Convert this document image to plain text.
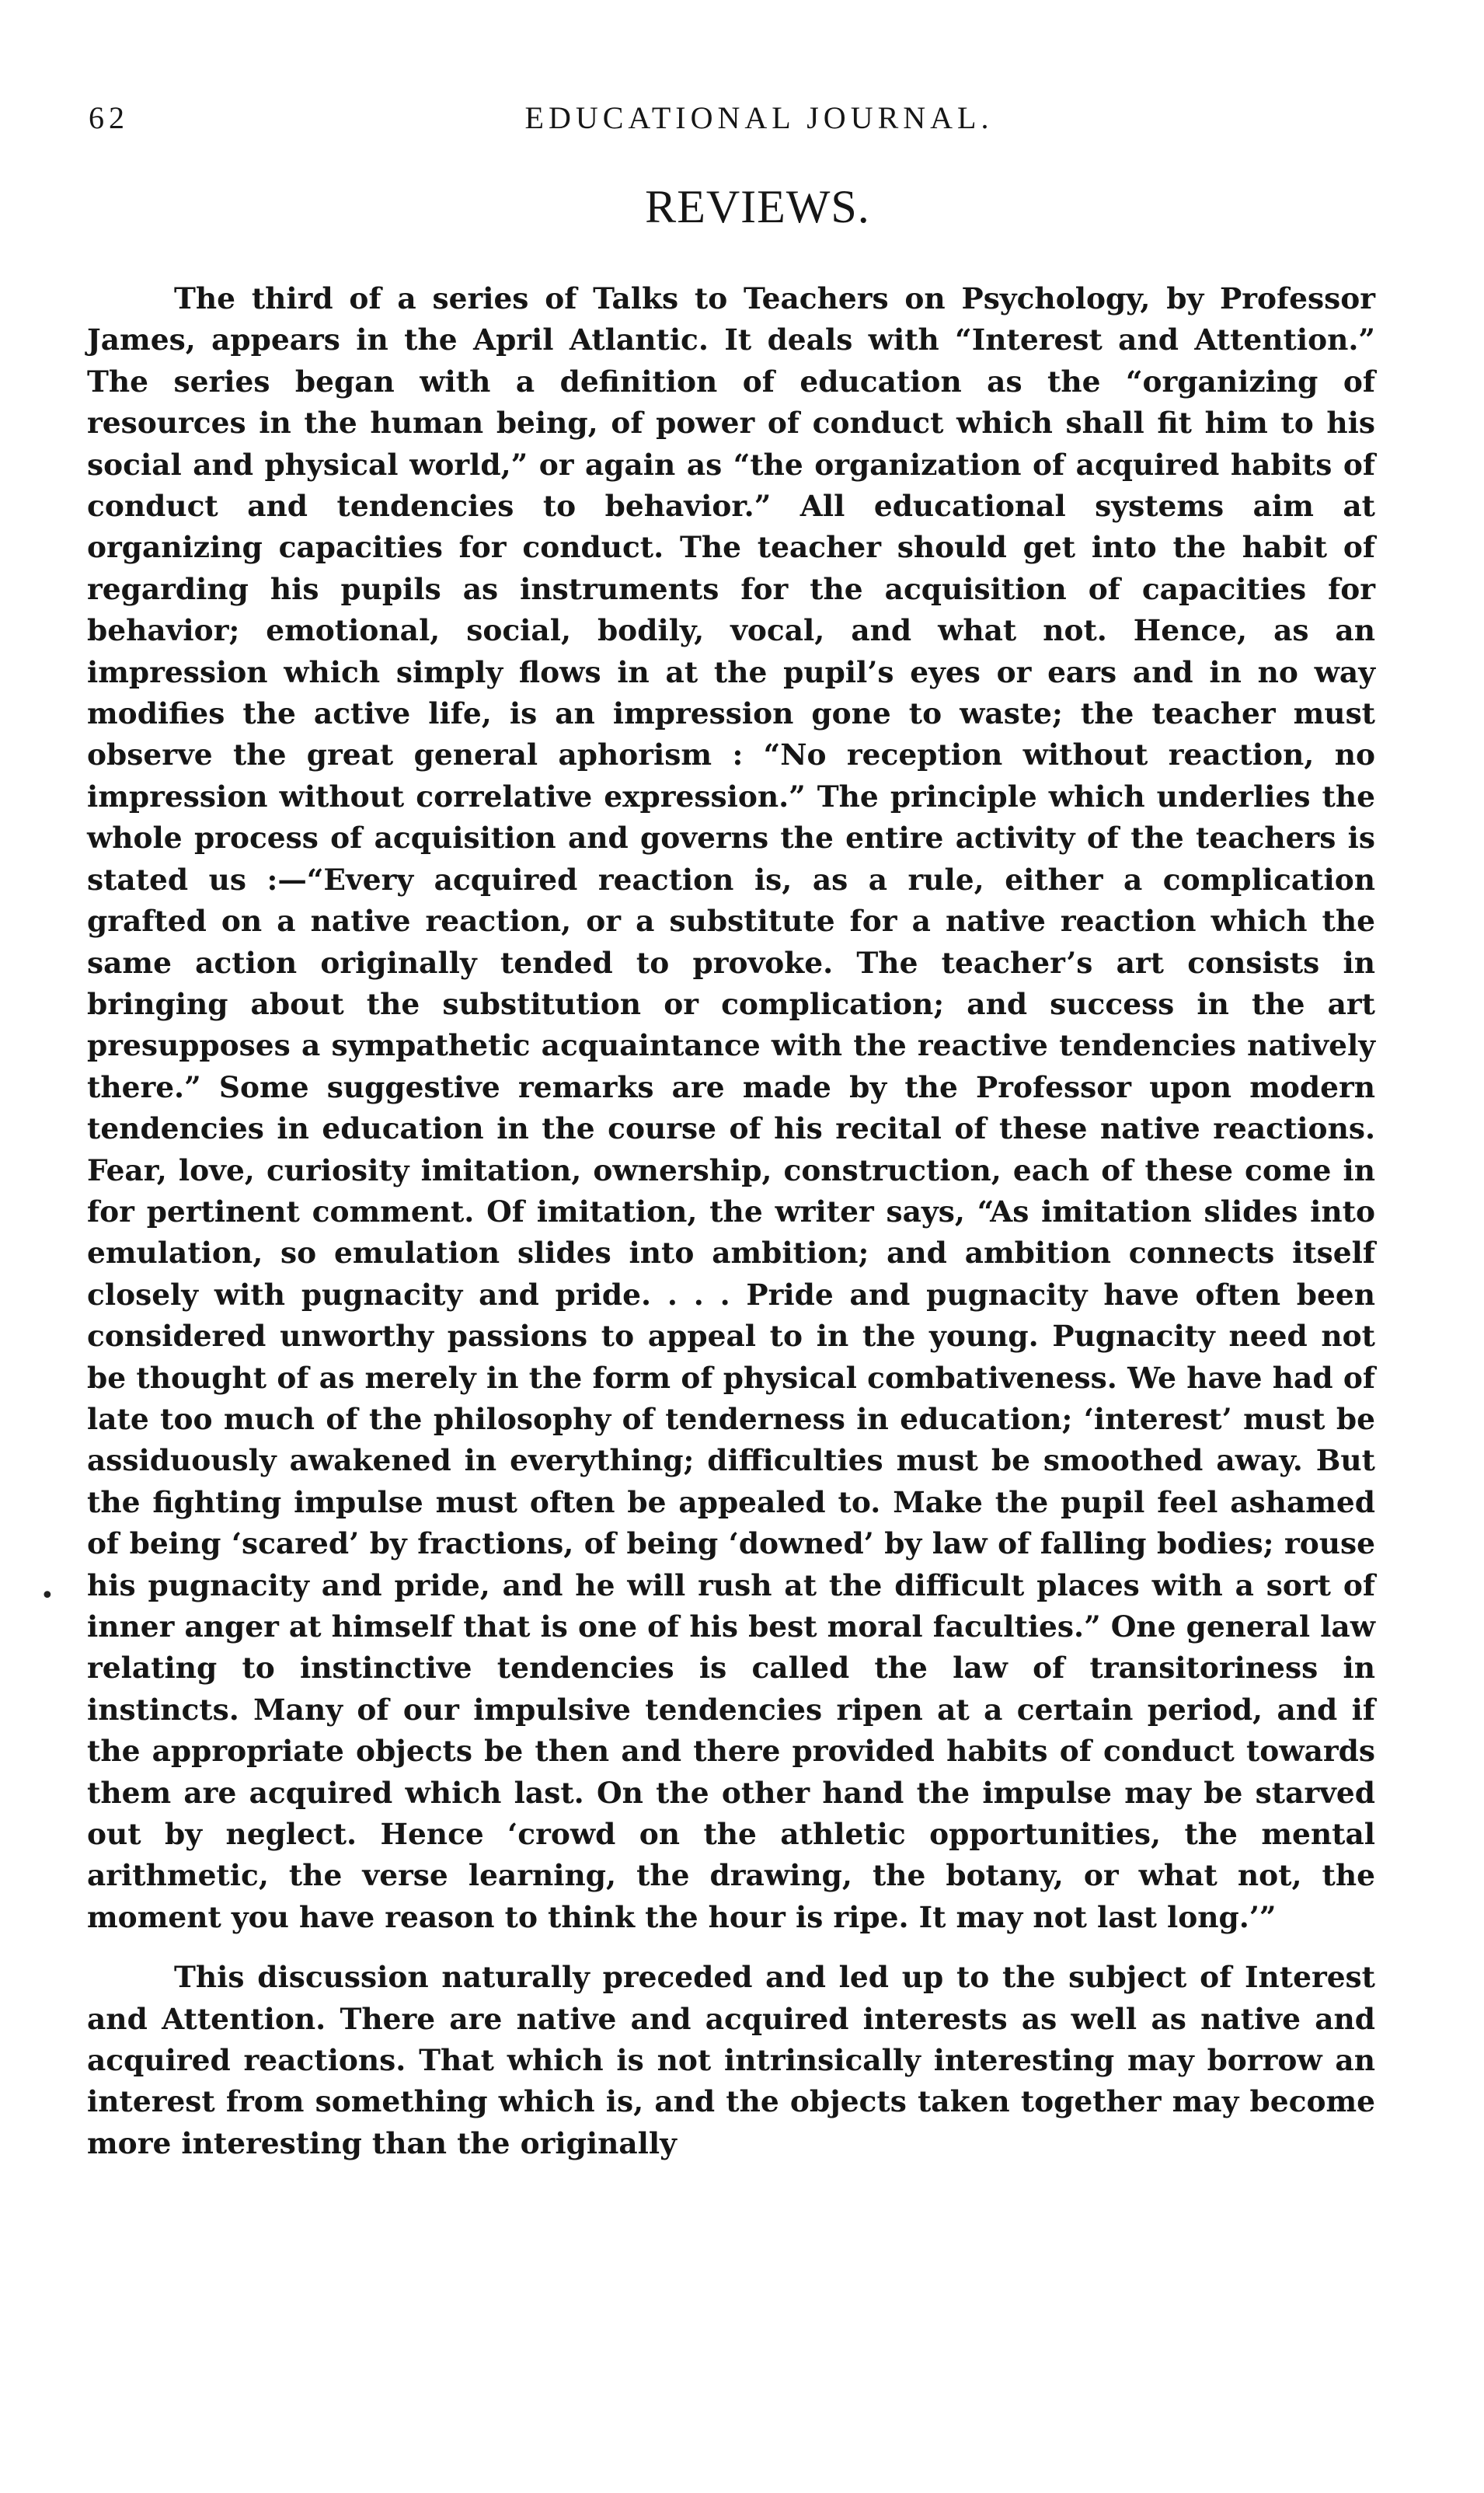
62	EDUCATIONAL JOURNAL.
REVIEWS.
•

The third of a series of Talks to Teachers on Psychology, by Professor James, appears in the April Atlantic. It deals with “Interest and Attention.” The series began with a definition of education as the “organizing of resources in the human being, of power of conduct which shall fit him to his social and physical world,” or again as “the organization of acquired habits of conduct and tendencies to behavior.” All educational systems aim at organizing capacities for conduct. The teacher should get into the habit of regarding his pupils as instruments for the acquisition of capacities for behavior; emotional, social, bodily, vocal, and what not. Hence, as an impression which simply flows in at the pupil’s eyes or ears and in no way modifies the active life, is an impression gone to waste; the teacher must observe the great general aphorism : “No reception without reaction, no impression without correlative expression.” The principle which underlies the whole process of acquisition and governs the entire activity of the teachers is stated us :—“Every acquired reaction is, as a rule, either a complication grafted on a native reaction, or a substitute for a native reaction which the same action originally tended to provoke. The teacher’s art consists in bringing about the substitution or complication; and success in the art presupposes a sympathetic acquaintance with the reactive tendencies natively there.” Some suggestive remarks are made by the Professor upon modern tendencies in education in the course of his recital of these native reactions. Fear, love, curiosity imitation, ownership, construction, each of these come in for pertinent comment. Of imitation, the writer says, “As imitation slides into emulation, so emulation slides into ambition; and ambition connects itself closely with pugnacity and pride. . . . Pride and pugnacity have often been considered unworthy passions to appeal to in the young. Pugnacity need not be thought of as merely in the form of physical combativeness. We have had of late too much of the philosophy of tenderness in education; ‘interest’ must be assiduously awakened in everything; difficulties must be smoothed away. But the fighting impulse must often be appealed to. Make the pupil feel ashamed of being ‘scared’ by fractions, of being ‘downed’ by law of falling bodies; rouse his pugnacity and pride, and he will rush at the difficult places with a sort of inner anger at himself that is one of his best moral faculties.” One general law relating to instinctive tendencies is called the law of transitoriness in instincts. Many of our impulsive tendencies ripen at a certain period, and if the appropriate objects be then and there provided habits of conduct towards them are acquired which last. On the other hand the impulse may be starved out by neglect. Hence ‘crowd on the athletic opportunities, the mental arithmetic, the verse learning, the drawing, the botany, or what not, the moment you have reason to think the hour is ripe. It may not last long.’”

This discussion naturally preceded and led up to the subject of Interest and Attention. There are native and acquired interests as well as native and acquired reactions. That which is not intrinsically interesting may borrow an interest from something which is, and the objects taken together may become more interesting than the originally
